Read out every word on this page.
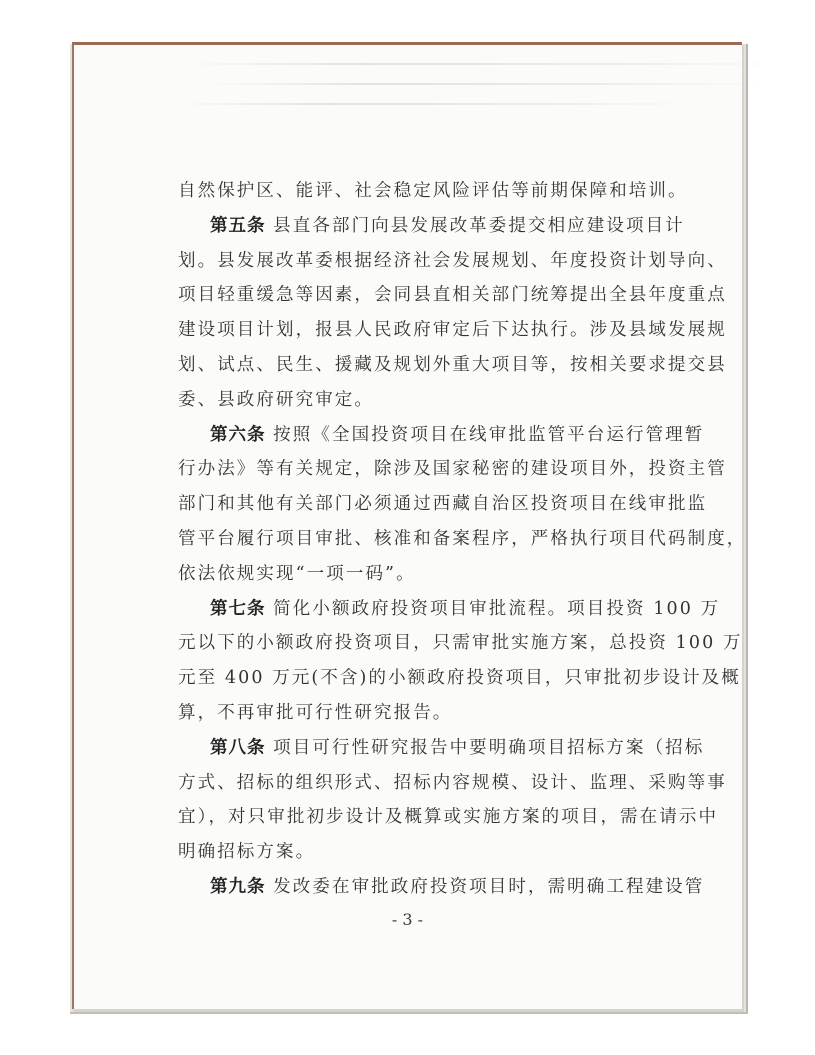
自然保护区、能评、社会稳定风险评估等前期保障和培训。
第五条 县直各部门向县发展改革委提交相应建设项目计
划。县发展改革委根据经济社会发展规划、年度投资计划导向、
项目轻重缓急等因素，会同县直相关部门统筹提出全县年度重点
建设项目计划，报县人民政府审定后下达执行。涉及县域发展规
划、试点、民生、援藏及规划外重大项目等，按相关要求提交县
委、县政府研究审定。
第六条 按照《全国投资项目在线审批监管平台运行管理暂
行办法》等有关规定，除涉及国家秘密的建设项目外，投资主管
部门和其他有关部门必须通过西藏自治区投资项目在线审批监
管平台履行项目审批、核准和备案程序，严格执行项目代码制度，
依法依规实现“一项一码”。
第七条 简化小额政府投资项目审批流程。项目投资 100 万
元以下的小额政府投资项目，只需审批实施方案，总投资 100 万
元至 400 万元(不含)的小额政府投资项目，只审批初步设计及概
算，不再审批可行性研究报告。
第八条 项目可行性研究报告中要明确项目招标方案（招标
方式、招标的组织形式、招标内容规模、设计、监理、采购等事
宜），对只审批初步设计及概算或实施方案的项目，需在请示中
明确招标方案。
第九条 发改委在审批政府投资项目时，需明确工程建设管
- 3 -
